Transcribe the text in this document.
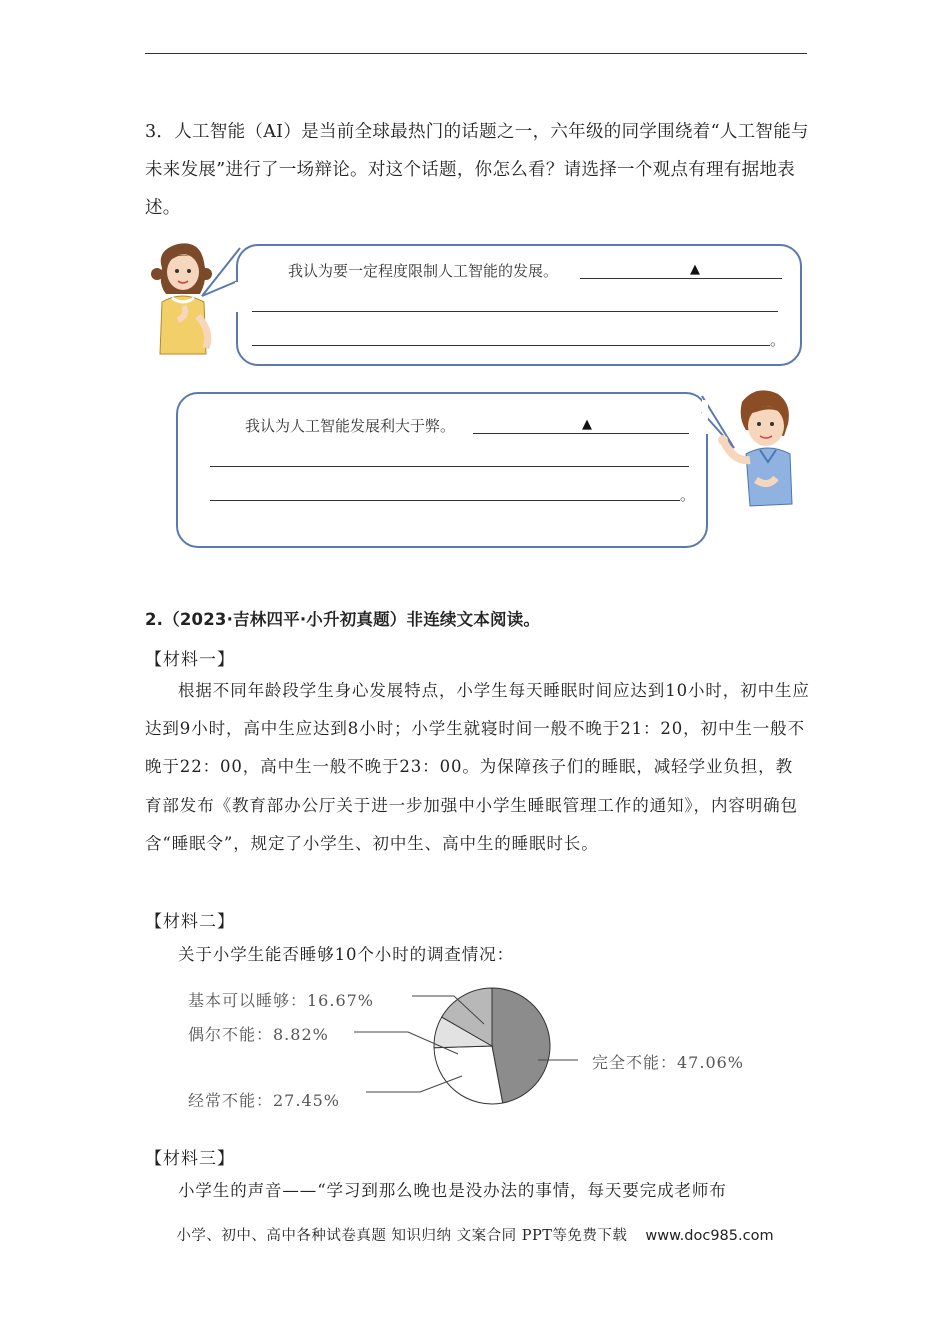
3．人工智能（AI）是当前全球最热门的话题之一，六年级的同学围绕着“人工智能与未来发展”进行了一场辩论。对这个话题，你怎么看？请选择一个观点有理有据地表述。
我认为要一定程度限制人工智能的发展。	▲
。
我认为人工智能发展利大于弊。	▲
。
2.（2023·吉林四平·小升初真题）非连续文本阅读。
【材料一】
根据不同年龄段学生身心发展特点，小学生每天睡眠时间应达到10小时，初中生应达到9小时，高中生应达到8小时；小学生就寝时间一般不晚于21：20，初中生一般不晚于22：00，高中生一般不晚于23：00。为保障孩子们的睡眠，减轻学业负担，教育部发布《教育部办公厅关于进一步加强中小学生睡眠管理工作的通知》，内容明确包含“睡眠令”，规定了小学生、初中生、高中生的睡眠时长。
【材料二】
关于小学生能否睡够10个小时的调查情况：
基本可以睡够：16.67%
偶尔不能：8.82%
经常不能：27.45%
完全不能：47.06%
【材料三】
小学生的声音——“学习到那么晚也是没办法的事情，每天要完成老师布
小学、初中、高中各种试卷真题 知识归纳 文案合同 PPT等免费下载 www.doc985.com
